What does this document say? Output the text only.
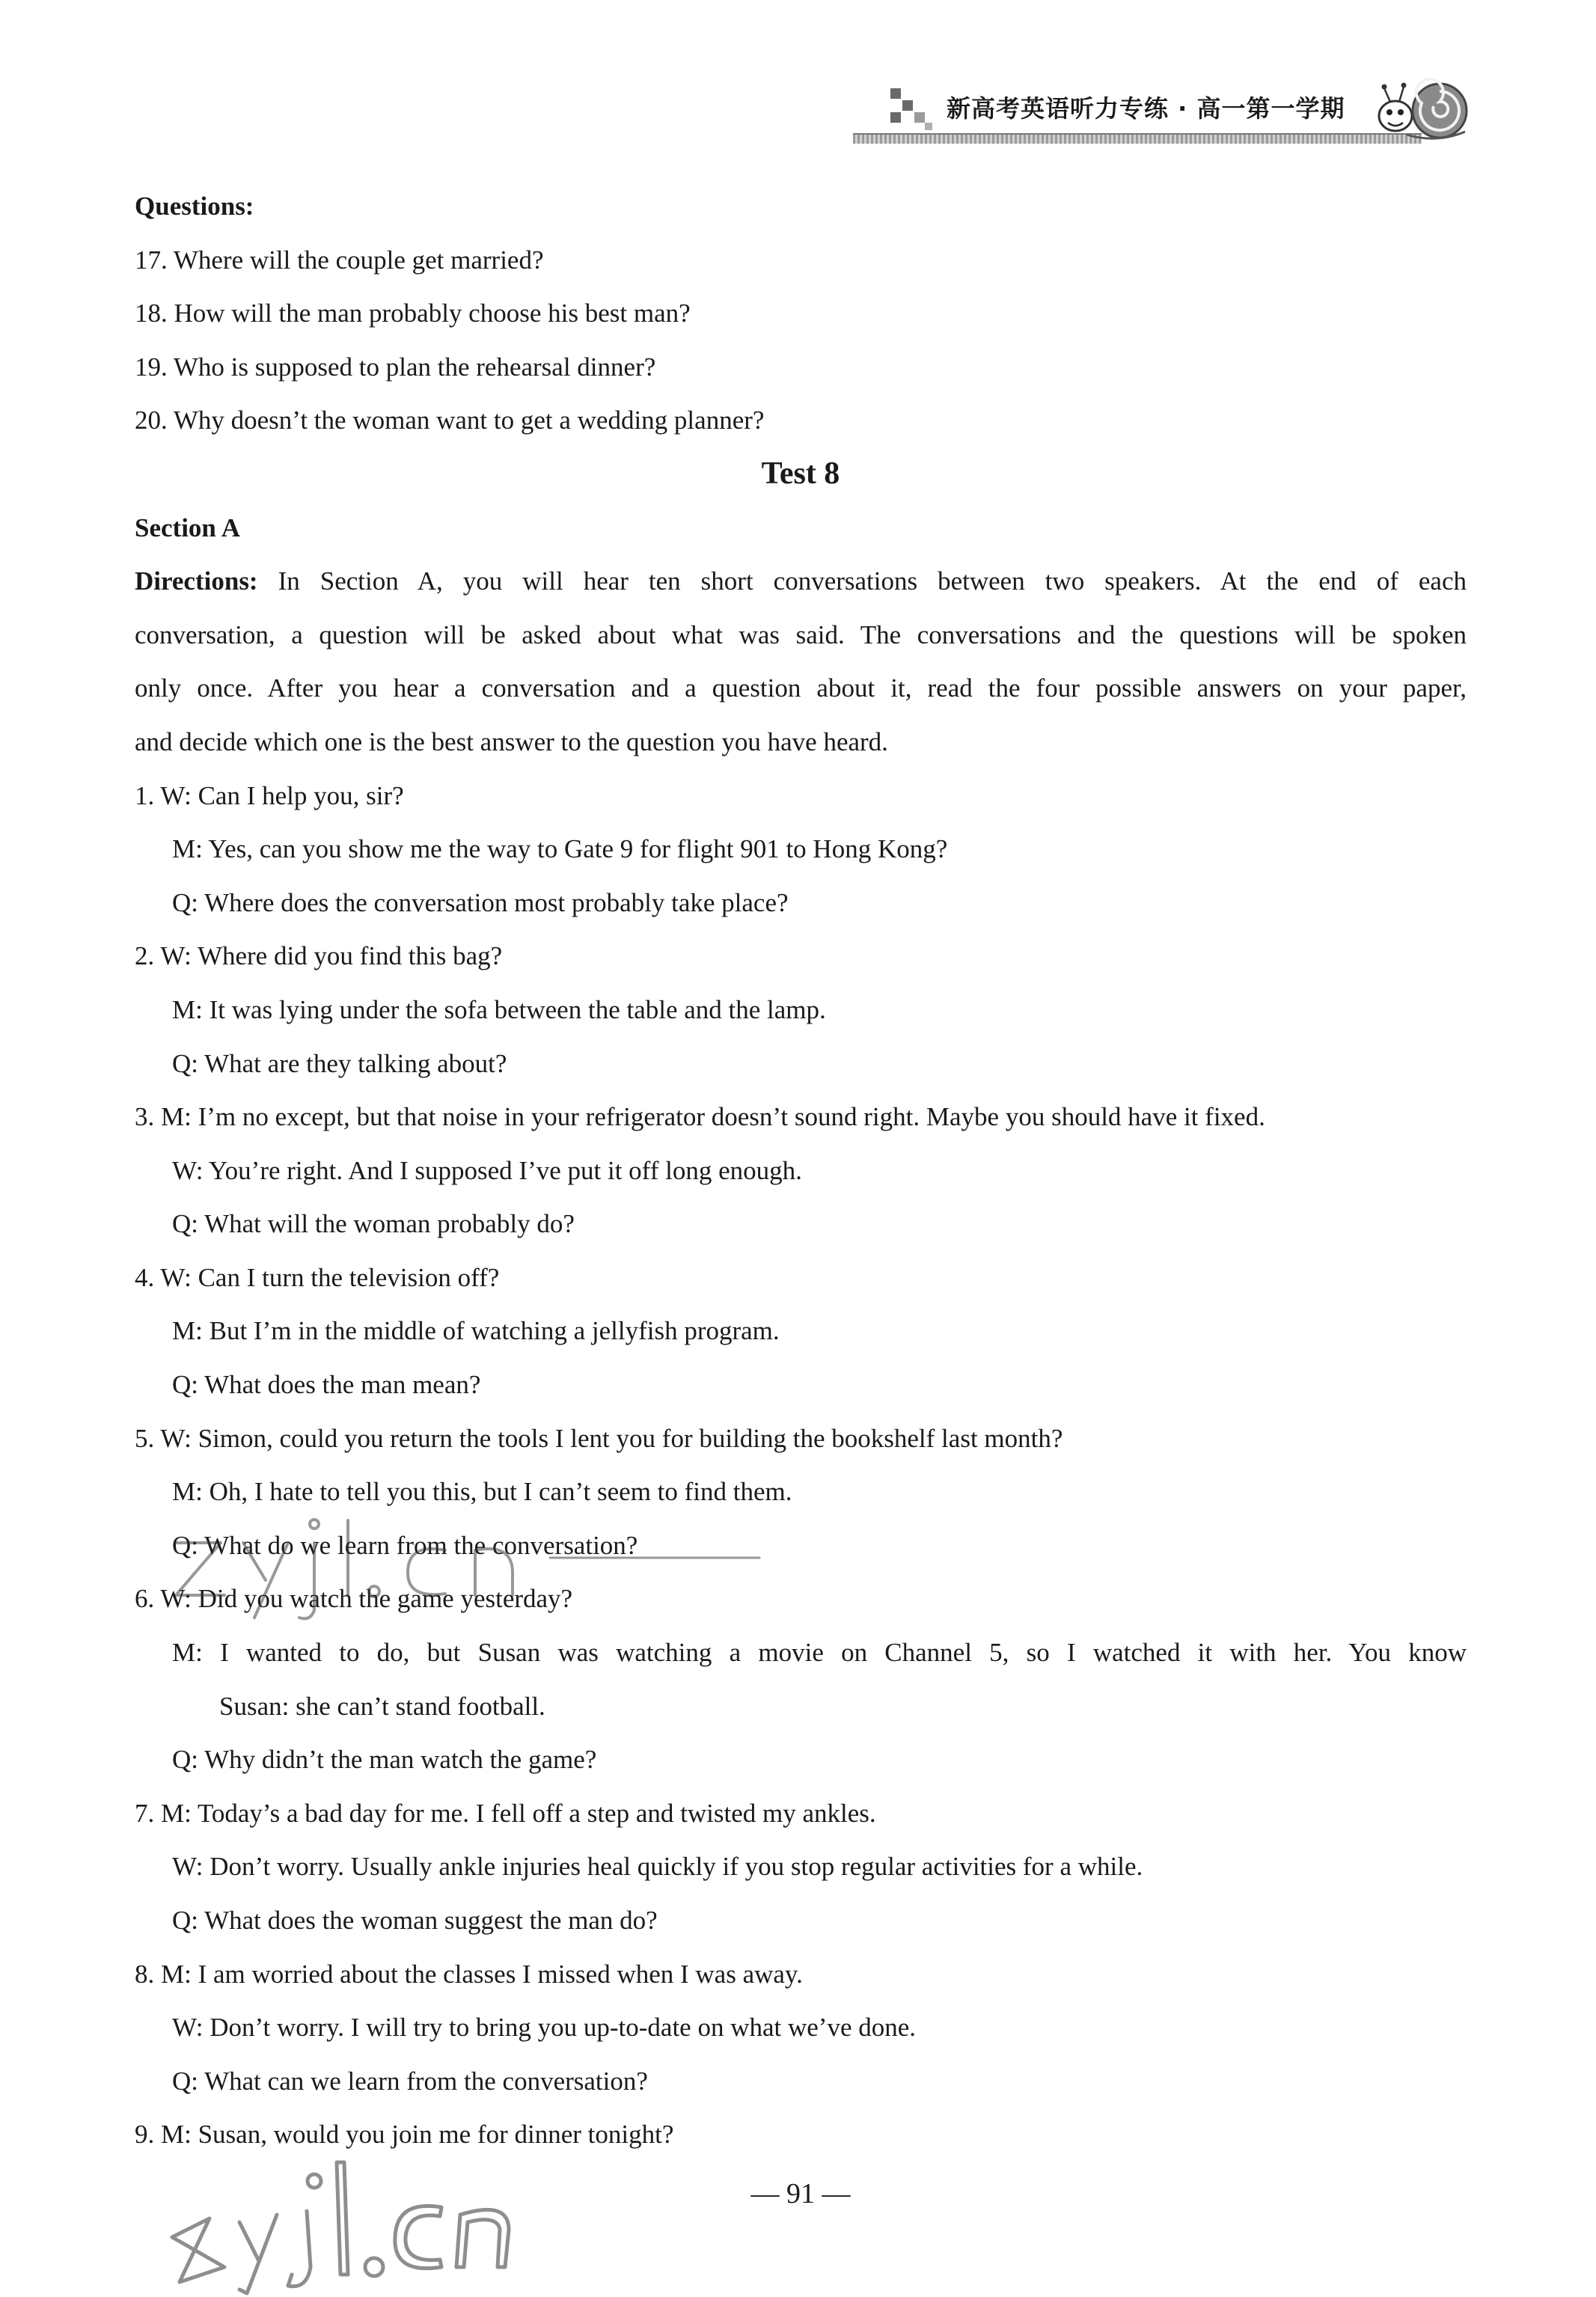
新高考英语听力专练 · 高一第一学期

Questions:

17. Where will the couple get married?

18. How will the man probably choose his best man?

19. Who is supposed to plan the rehearsal dinner?

20. Why doesn’t the woman want to get a wedding planner?

Test 8

Section A

Directions: In Section A, you will hear ten short conversations between two speakers. At the end of each

conversation, a question will be asked about what was said. The conversations and the questions will be spoken

only once. After you hear a conversation and a question about it, read the four possible answers on your paper,

and decide which one is the best answer to the question you have heard.

1. W: Can I help you, sir?

M: Yes, can you show me the way to Gate 9 for flight 901 to Hong Kong?

Q: Where does the conversation most probably take place?

2. W: Where did you find this bag?

M: It was lying under the sofa between the table and the lamp.

Q: What are they talking about?

3. M: I’m no except, but that noise in your refrigerator doesn’t sound right. Maybe you should have it fixed.

W: You’re right. And I supposed I’ve put it off long enough.

Q: What will the woman probably do?

4. W: Can I turn the television off?

M: But I’m in the middle of watching a jellyfish program.

Q: What does the man mean?

5. W: Simon, could you return the tools I lent you for building the bookshelf last month?

M: Oh, I hate to tell you this, but I can’t seem to find them.

Q: What do we learn from the conversation?

6. W: Did you watch the game yesterday?

M: I wanted to do, but Susan was watching a movie on Channel 5, so I watched it with her. You know

Susan: she can’t stand football.

Q: Why didn’t the man watch the game?

7. M: Today’s a bad day for me. I fell off a step and twisted my ankles.

W: Don’t worry. Usually ankle injuries heal quickly if you stop regular activities for a while.

Q: What does the woman suggest the man do?

8. M: I am worried about the classes I missed when I was away.

W: Don’t worry. I will try to bring you up-to-date on what we’ve done.

Q: What can we learn from the conversation?

9. M: Susan, would you join me for dinner tonight?

— 91 —
